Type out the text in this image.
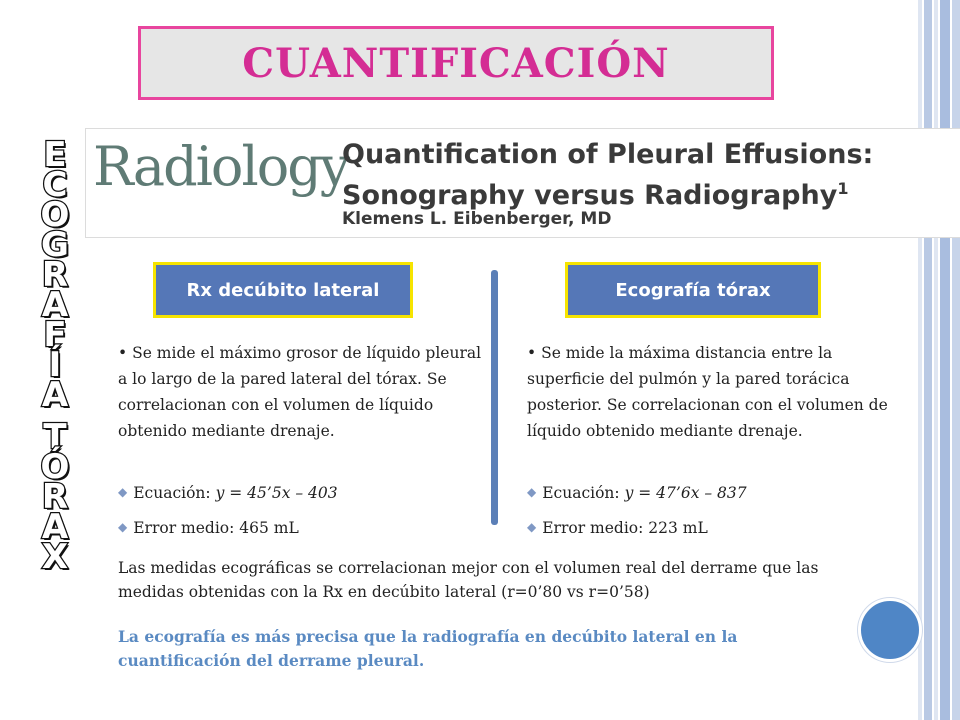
CUANTIFICACIÓN
E
C
O
G
R
A
F
Í
A
T
Ó
R
A
X
Radiology
Quantification of Pleural Effusions:
Sonography versus Radiography$^1$
Klemens L. Eibenberger, MD
Rx decúbito lateral	Ecografía tórax
• Se mide el máximo grosor de líquido pleural a lo largo de la pared lateral del tórax. Se correlacionan con el volumen de líquido obtenido mediante drenaje.
◆ Ecuación: y = 45’5x – 403
◆ Error medio: 465 mL
• Se mide la máxima distancia entre la superficie del pulmón y la pared torácica posterior. Se correlacionan con el volumen de líquido obtenido mediante drenaje.
◆ Ecuación: y = 47’6x – 837
◆ Error medio: 223 mL
Las medidas ecográficas se correlacionan mejor con el volumen real del derrame que las medidas obtenidas con la Rx en decúbito lateral (r=0’80 vs r=0’58)
La ecografía es más precisa que la radiografía en decúbito lateral en la cuantificación del derrame pleural.
